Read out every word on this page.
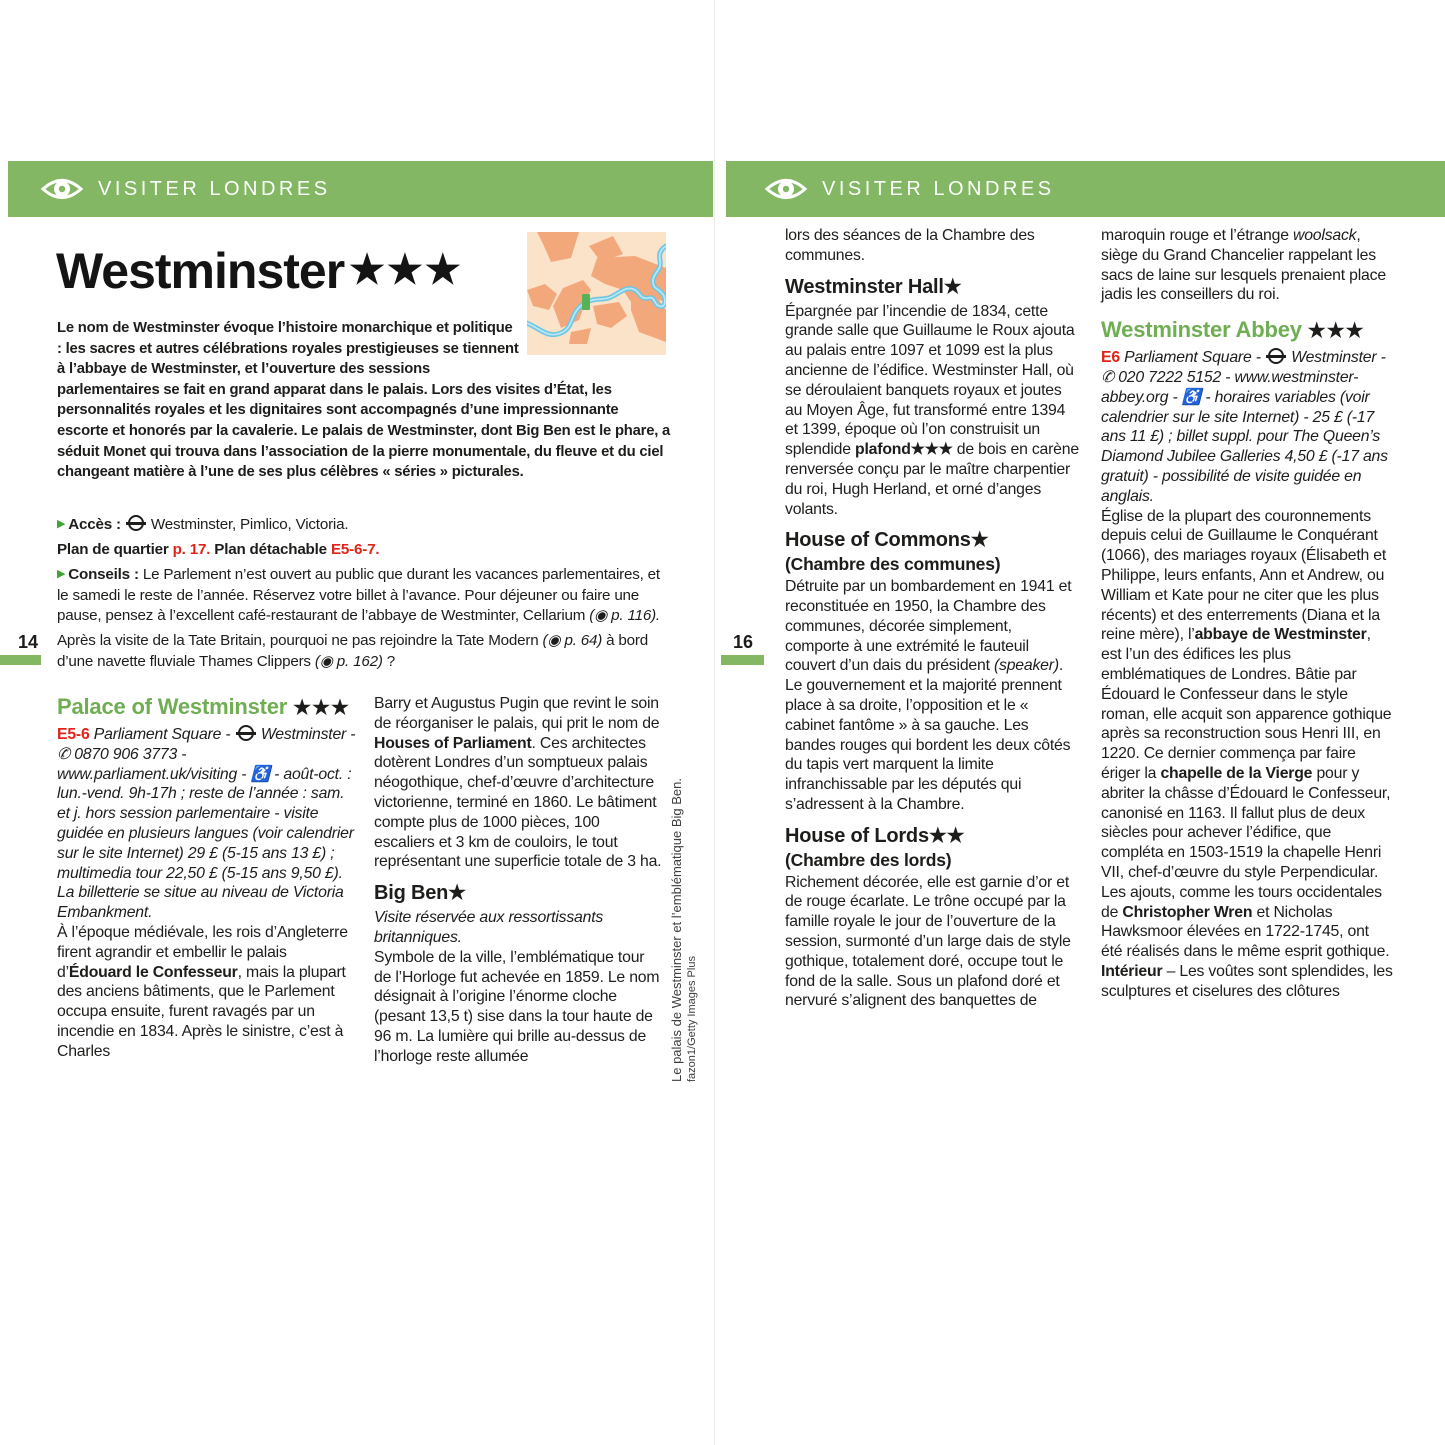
VISITER LONDRES	VISITER LONDRES
Westminster ★★★
Le nom de Westminster évoque l’histoire monarchique et politique : les sacres et autres célébrations royales prestigieuses se tiennent à l’abbaye de Westminster, et l’ouverture des sessions parlementaires se fait en grand apparat dans le palais. Lors des visites d’État, les personnalités royales et les dignitaires sont accompagnés d’une impressionnante escorte et honorés par la cavalerie. Le palais de Westminster, dont Big Ben est le phare, a séduit Monet qui trouva dans l’association de la pierre monumentale, du fleuve et du ciel changeant matière à l’une de ses plus célèbres « séries » picturales.

▶ Accès :  Westminster, Pimlico, Victoria.

Plan de quartier p. 17. Plan détachable E5-6-7.

▶ Conseils : Le Parlement n’est ouvert au public que durant les vacances parlementaires, et le samedi le reste de l’année. Réservez votre billet à l’avance. Pour déjeuner ou faire une pause, pensez à l’excellent café-restaurant de l’abbaye de Westminter, Cellarium (◉ p. 116).

Après la visite de la Tate Britain, pourquoi ne pas rejoindre la Tate Modern (◉ p. 64) à bord d’une navette fluviale Thames Clippers (◉ p. 162) ?

14	16
Palace of Westminster ★★★

E5-6 Parliament Square -  Westminster - ✆ 0870 906 3773 - www.parliament.uk/visiting - ♿ - août-oct. : lun.-vend. 9h-17h ; reste de l’année : sam. et j. hors session parlementaire - visite guidée en plusieurs langues (voir calendrier sur le site Internet) 29 £ (5-15 ans 13 £) ; multimedia tour 22,50 £ (5-15 ans 9,50 £). La billetterie se situe au niveau de Victoria Embankment.

À l’époque médiévale, les rois d’Angleterre firent agrandir et embellir le palais d’Édouard le Confesseur, mais la plupart des anciens bâtiments, que le Parlement occupa ensuite, furent ravagés par un incendie en 1834. Après le sinistre, c’est à Charles

Barry et Augustus Pugin que revint le soin de réorganiser le palais, qui prit le nom de Houses of Parliament. Ces architectes dotèrent Londres d’un somptueux palais néogothique, chef-d’œuvre d’architecture victorienne, terminé en 1860. Le bâtiment compte plus de 1000 pièces, 100 escaliers et 3 km de couloirs, le tout représentant une superficie totale de 3 ha.

Big Ben★

Visite réservée aux ressortissants britanniques.

Symbole de la ville, l’emblématique tour de l’Horloge fut achevée en 1859. Le nom désignait à l’origine l’énorme cloche (pesant 13,5 t) sise dans la tour haute de 96 m. La lumière qui brille au-dessus de l’horloge reste allumée	Le palais de Westminster et l’emblématique Big Ben. fazon1/Getty Images Plus

lors des séances de la Chambre des communes.

Westminster Hall★

Épargnée par l’incendie de 1834, cette grande salle que Guillaume le Roux ajouta au palais entre 1097 et 1099 est la plus ancienne de l’édifice. Westminster Hall, où se déroulaient banquets royaux et joutes au Moyen Âge, fut transformé entre 1394 et 1399, époque où l’on construisit un splendide plafond★★★ de bois en carène renversée conçu par le maître charpentier du roi, Hugh Herland, et orné d’anges volants.

House of Commons★
(Chambre des communes)

Détruite par un bombardement en 1941 et reconstituée en 1950, la Chambre des communes, décorée simplement, comporte à une extrémité le fauteuil couvert d’un dais du président (speaker). Le gouvernement et la majorité prennent place à sa droite, l’opposition et le « cabinet fantôme » à sa gauche. Les bandes rouges qui bordent les deux côtés du tapis vert marquent la limite infranchissable par les députés qui s’adressent à la Chambre.

House of Lords★★
(Chambre des lords)

Richement décorée, elle est garnie d’or et de rouge écarlate. Le trône occupé par la famille royale le jour de l’ouverture de la session, surmonté d’un large dais de style gothique, totalement doré, occupe tout le fond de la salle. Sous un plafond doré et nervuré s’alignent des banquettes de

maroquin rouge et l’étrange woolsack, siège du Grand Chancelier rappelant les sacs de laine sur lesquels prenaient place jadis les conseillers du roi.

Westminster Abbey ★★★

E6 Parliament Square -  Westminster - ✆ 020 7222 5152 - www.westminster-abbey.org - ♿ - horaires variables (voir calendrier sur le site Internet) - 25 £ (-17 ans 11 £) ; billet suppl. pour The Queen’s Diamond Jubilee Galleries 4,50 £ (-17 ans gratuit) - possibilité de visite guidée en anglais.

Église de la plupart des couronnements depuis celui de Guillaume le Conquérant (1066), des mariages royaux (Élisabeth et Philippe, leurs enfants, Ann et Andrew, ou William et Kate pour ne citer que les plus récents) et des enterrements (Diana et la reine mère), l’abbaye de Westminster, est l’un des édifices les plus emblématiques de Londres. Bâtie par Édouard le Confesseur dans le style roman, elle acquit son apparence gothique après sa reconstruction sous Henri III, en 1220. Ce dernier commença par faire ériger la chapelle de la Vierge pour y abriter la châsse d’Édouard le Confesseur, canonisé en 1163. Il fallut plus de deux siècles pour achever l’édifice, que compléta en 1503-1519 la chapelle Henri VII, chef-d’œuvre du style Perpendicular. Les ajouts, comme les tours occidentales de Christopher Wren et Nicholas Hawksmoor élevées en 1722-1745, ont été réalisés dans le même esprit gothique.

Intérieur – Les voûtes sont splendides, les sculptures et ciselures des clôtures
